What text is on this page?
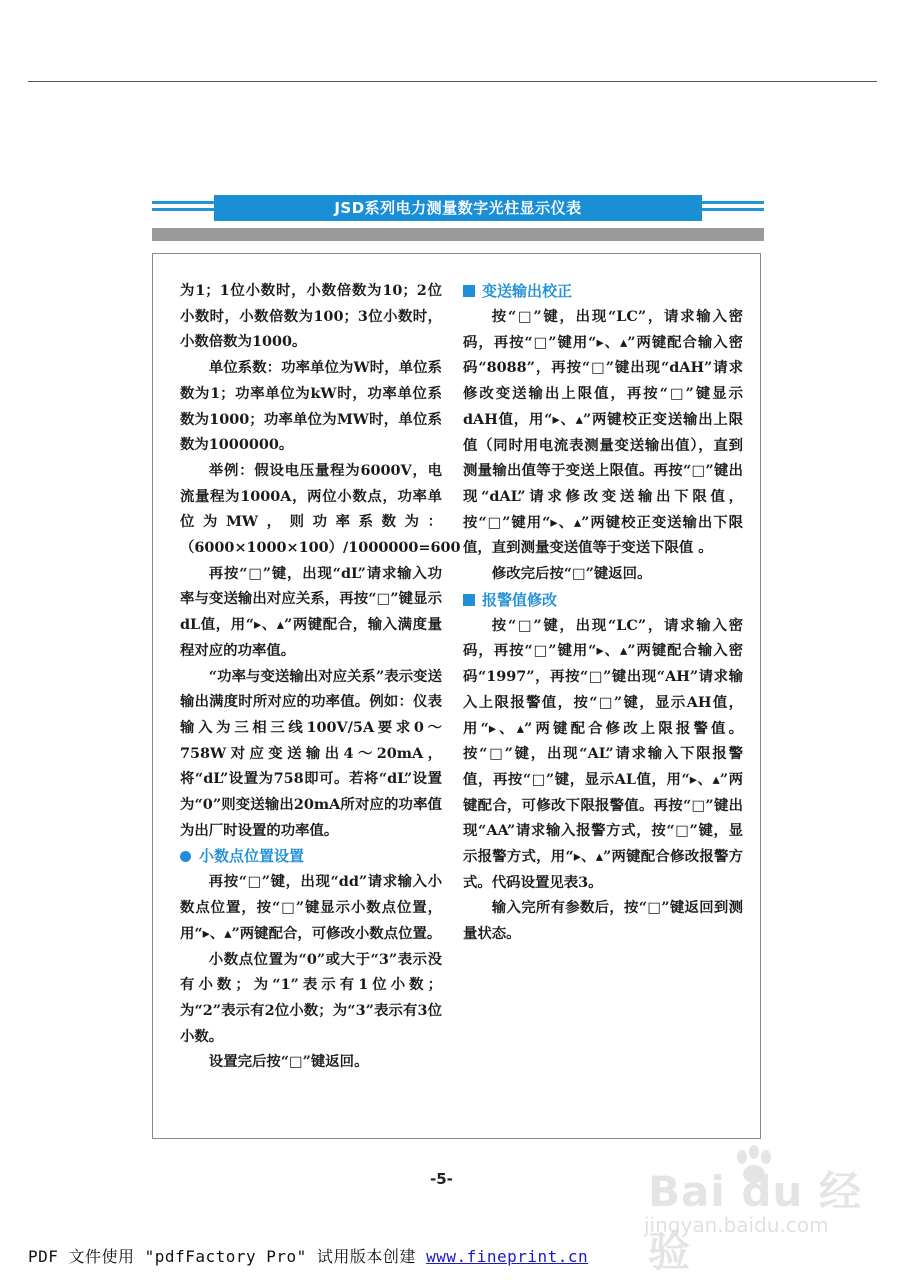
JSD系列电力测量数字光柱显示仪表

为1；1位小数时，小数倍数为10；2位小数时，小数倍数为100；3位小数时，小数倍数为1000。

单位系数：功率单位为W时，单位系数为1；功率单位为kW时，功率单位系数为1000；功率单位为MW时，单位系数为1000000。

举例：假设电压量程为6000V，电流量程为1000A，两位小数点，功率单位为MW，则功率系数为：（6000×1000×100）/1000000=600

再按“□”键，出现“dL”请求输入功率与变送输出对应关系，再按“□”键显示dL值，用“▸、▴”两键配合，输入满度量程对应的功率值。

“功率与变送输出对应关系”表示变送输出满度时所对应的功率值。例如：仪表输入为三相三线100V/5A要求0～758W对应变送输出4～20mA，将“dL”设置为758即可。若将“dL”设置为“0”则变送输出20mA所对应的功率值为出厂时设置的功率值。

小数点位置设置

再按“□”键，出现“dd”请求输入小数点位置，按“□”键显示小数点位置，用“▸、▴”两键配合，可修改小数点位置。

小数点位置为“0”或大于“3”表示没有小数；为“1”表示有1位小数；为“2”表示有2位小数；为“3”表示有3位小数。

设置完后按“□”键返回。

变送输出校正

按“□”键，出现“LC”，请求输入密码，再按“□”键用“▸、▴”两键配合输入密码“8088”，再按“□”键出现“dAH”请求修改变送输出上限值，再按“□”键显示dAH值，用“▸、▴”两键校正变送输出上限值（同时用电流表测量变送输出值），直到测量输出值等于变送上限值。再按“□”键出现“dAL”请求修改变送输出下限值，按“□”键用“▸、▴”两键校正变送输出下限值，直到测量变送值等于变送下限值 。

修改完后按“□”键返回。

报警值修改

按“□”键，出现“LC”，请求输入密码，再按“□”键用“▸、▴”两键配合输入密码“1997”，再按“□”键出现“AH”请求输入上限报警值，按“□”键，显示AH值，用“▸、▴”两键配合修改上限报警值。按“□”键，出现“AL”请求输入下限报警值，再按“□”键，显示AL值，用“▸、▴”两键配合，可修改下限报警值。再按“□”键出现“AA”请求输入报警方式，按“□”键，显示报警方式，用“▸、▴”两键配合修改报警方式。代码设置见表3。

输入完所有参数后，按“□”键返回到测量状态。

-5-	Bai du 经验
jingyan.baidu.com
PDF 文件使用 "pdfFactory Pro" 试用版本创建 www.fineprint.cn
